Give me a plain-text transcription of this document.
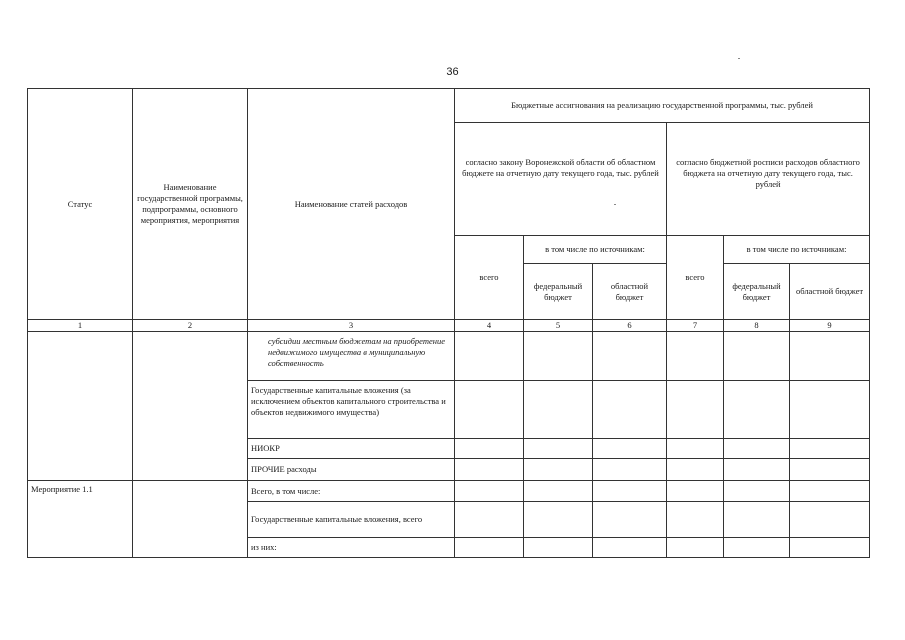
36
Статус	Наименование государственной программы, подпрограммы, основного мероприятия, мероприятия	Наименование статей расходов	Бюджетные ассигнования на реализацию государственной программы, тыс. рублей					
			согласно закону Воронежской области об областном бюджете на отчетную дату текущего года, тыс. рублей			согласно бюджетной росписи расходов областного бюджета на отчетную дату текущего года, тыс. рублей		
			всего	в том числе по источникам:		всего	в том числе по источникам:	
				федеральный бюджет	областной бюджет		федеральный бюджет	областной бюджет
1	2	3	4	5	6	7	8	9
		субсидии местным бюджетам на приобретение недвижимого имущества в муниципальную собственность						
		Государственные капитальные вложения (за исключением объектов капитального строительства и объектов недвижимого имущества)						
		НИОКР						
		ПРОЧИЕ расходы						
Мероприятие 1.1		Всего, в том числе:						
		Государственные капитальные вложения, всего						
		из них:						
